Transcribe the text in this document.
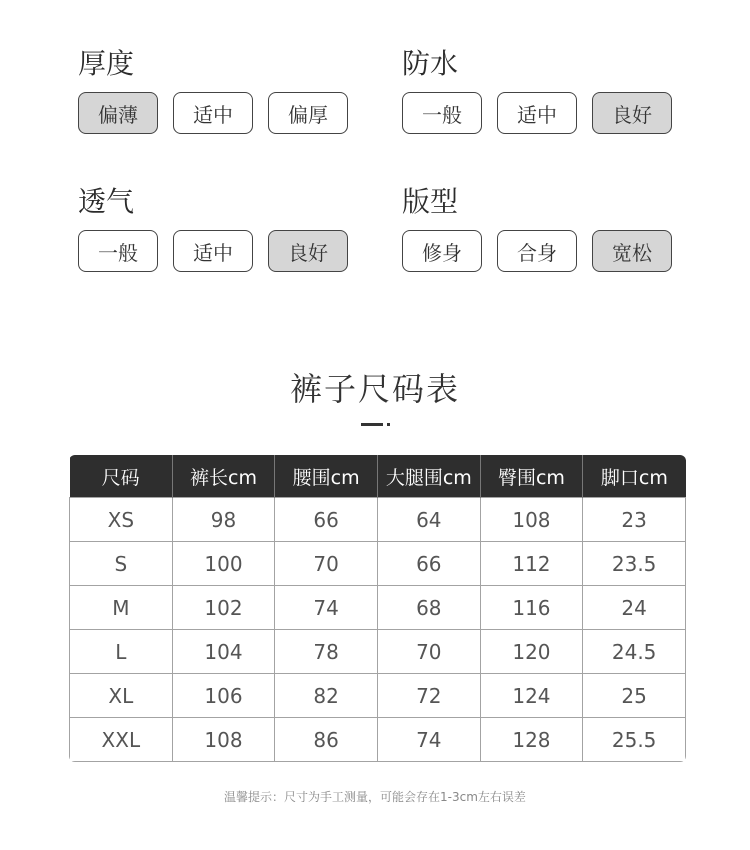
厚度
偏薄	适中	偏厚
防水
一般	适中	良好
透气
一般	适中	良好
版型
修身	合身	宽松
裤子尺码表
尺码	裤长cm	腰围cm	大腿围cm	臀围cm	脚口cm
XS	98	66	64	108	23
S	100	70	66	112	23.5
M	102	74	68	116	24
L	104	78	70	120	24.5
XL	106	82	72	124	25
XXL	108	86	74	128	25.5
温馨提示：尺寸为手工测量，可能会存在1-3cm左右误差
